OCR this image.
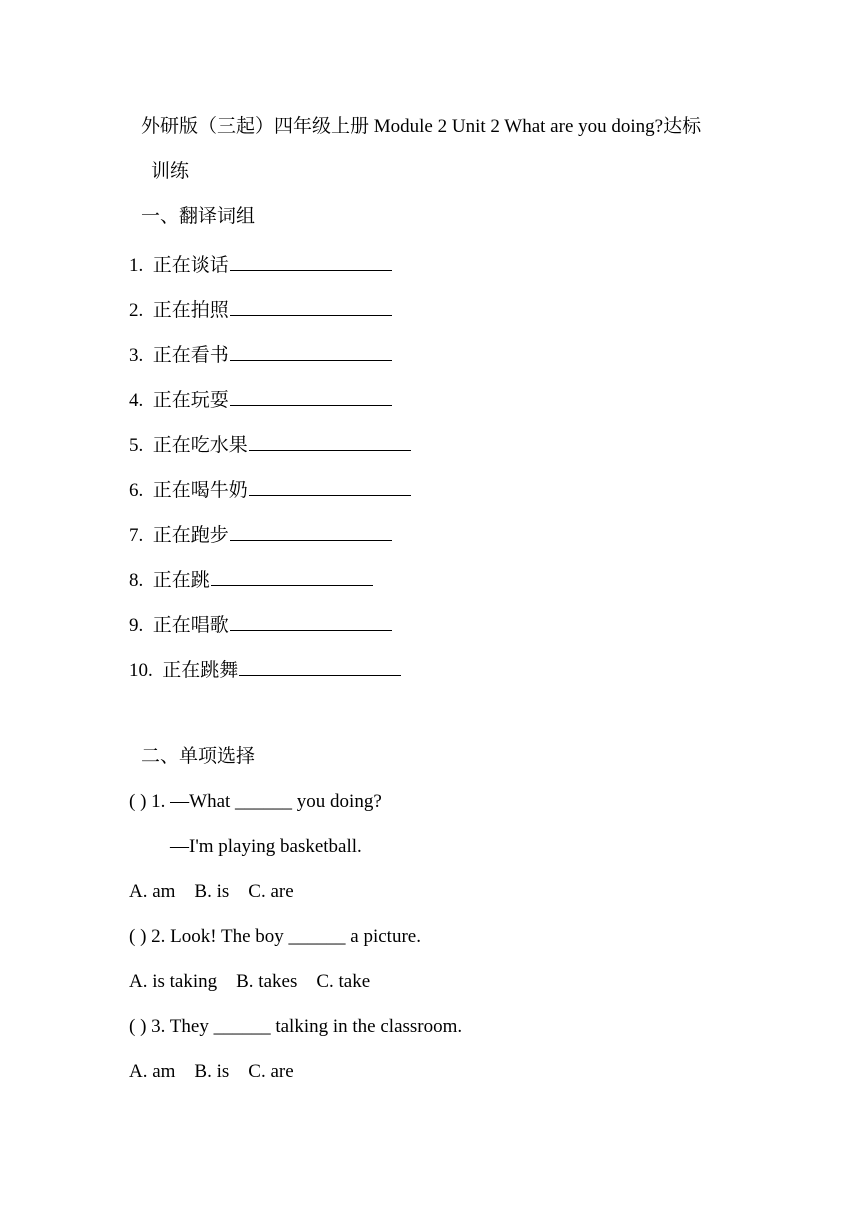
外研版（三起）四年级上册 Module 2 Unit 2 What are you doing?达标
训练
一、翻译词组
1. 正在谈话
2. 正在拍照
3. 正在看书
4. 正在玩耍
5. 正在吃水果
6. 正在喝牛奶
7. 正在跑步
8. 正在跳
9. 正在唱歌
10. 正在跳舞
二、单项选择
( ) 1. —What ______ you doing?
—I'm playing basketball.
A. am    B. is    C. are
( ) 2. Look! The boy ______ a picture.
A. is taking    B. takes    C. take
( ) 3. They ______ talking in the classroom.
A. am    B. is    C. are
